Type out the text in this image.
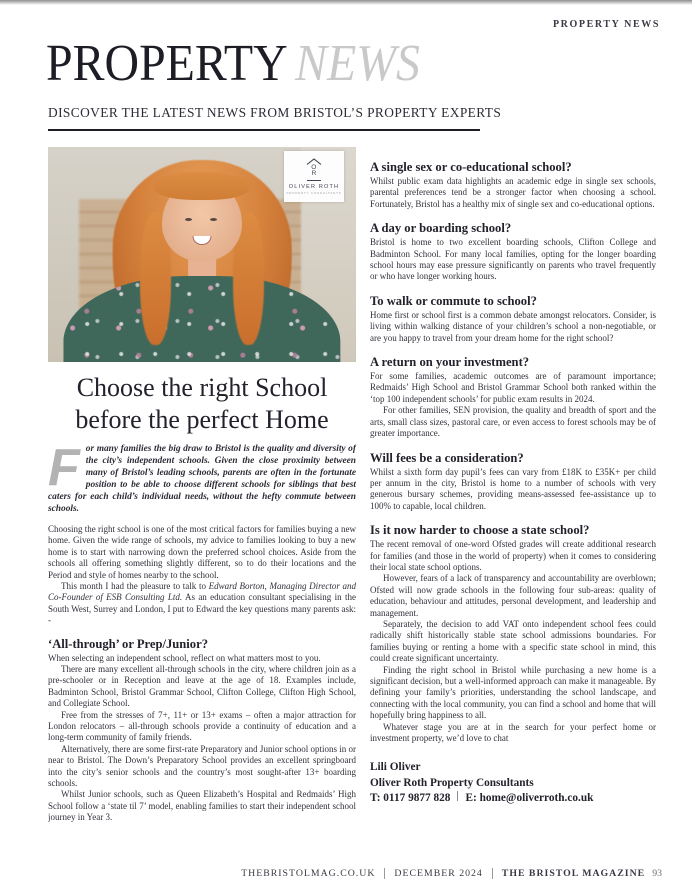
PROPERTY NEWS
PROPERTY NEWS
DISCOVER THE LATEST NEWS FROM BRISTOL’S PROPERTY EXPERTS
O
R
OLIVER ROTH
PROPERTY CONSULTANTS
Choose the right School
before the perfect Home
For many families the big draw to Bristol is the quality and diversity of the city’s independent schools. Given the close proximity between many of Bristol’s leading schools, parents are often in the fortunate position to be able to choose different schools for siblings that best caters for each child’s individual needs, without the hefty commute between schools.

Choosing the right school is one of the most critical factors for families buying a new home. Given the wide range of schools, my advice to families looking to buy a new home is to start with narrowing down the preferred school choices. Aside from the schools all offering something slightly different, so to do their locations and the Period and style of homes nearby to the school.

This month I had the pleasure to talk to Edward Borton, Managing Director and Co-Founder of ESB Consulting Ltd. As an education consultant specialising in the South West, Surrey and London, I put to Edward the key questions many parents ask: -

‘All-through’ or Prep/Junior?

When selecting an independent school, reflect on what matters most to you.

There are many excellent all-through schools in the city, where children join as a pre-schooler or in Reception and leave at the age of 18. Examples include, Badminton School, Bristol Grammar School, Clifton College, Clifton High School, and Collegiate School.

Free from the stresses of 7+, 11+ or 13+ exams – often a major attraction for London relocators – all-through schools provide a continuity of education and a long-term community of family friends.

Alternatively, there are some first-rate Preparatory and Junior school options in or near to Bristol. The Down’s Preparatory School provides an excellent springboard into the city’s senior schools and the country’s most sought-after 13+ boarding schools.

Whilst Junior schools, such as Queen Elizabeth’s Hospital and Redmaids’ High School follow a ‘state til 7’ model, enabling families to start their independent school journey in Year 3.

A single sex or co-educational school?

Whilst public exam data highlights an academic edge in single sex schools, parental preferences tend be a stronger factor when choosing a school. Fortunately, Bristol has a healthy mix of single sex and co-educational options.

A day or boarding school?

Bristol is home to two excellent boarding schools, Clifton College and Badminton School. For many local families, opting for the longer boarding school hours may ease pressure significantly on parents who travel frequently or who have longer working hours.

To walk or commute to school?

Home first or school first is a common debate amongst relocators. Consider, is living within walking distance of your children’s school a non-negotiable, or are you happy to travel from your dream home for the right school?

A return on your investment?

For some families, academic outcomes are of paramount importance; Redmaids’ High School and Bristol Grammar School both ranked within the ‘top 100 independent schools’ for public exam results in 2024.

For other families, SEN provision, the quality and breadth of sport and the arts, small class sizes, pastoral care, or even access to forest schools may be of greater importance.

Will fees be a consideration?

Whilst a sixth form day pupil’s fees can vary from £18K to £35K+ per child per annum in the city, Bristol is home to a number of schools with very generous bursary schemes, providing means-assessed fee-assistance up to 100% to capable, local children.

Is it now harder to choose a state school?

The recent removal of one-word Ofsted grades will create additional research for families (and those in the world of property) when it comes to considering their local state school options.

However, fears of a lack of transparency and accountability are overblown; Ofsted will now grade schools in the following four sub-areas: quality of education, behaviour and attitudes, personal development, and leadership and management.

Separately, the decision to add VAT onto independent school fees could radically shift historically stable state school admissions boundaries. For families buying or renting a home with a specific state school in mind, this could create significant uncertainty.

Finding the right school in Bristol while purchasing a new home is a significant decision, but a well-informed approach can make it manageable. By defining your family’s priorities, understanding the school landscape, and connecting with the local community, you can find a school and home that will hopefully bring happiness to all.

Whatever stage you are at in the search for your perfect home or investment property, we’d love to chat

Lili Oliver
Oliver Roth Property Consultants
T: 0117 9877 828 E: home@oliverroth.co.uk
THEBRISTOLMAG.CO.UK DECEMBER 2024 THE BRISTOL MAGAZINE 93
